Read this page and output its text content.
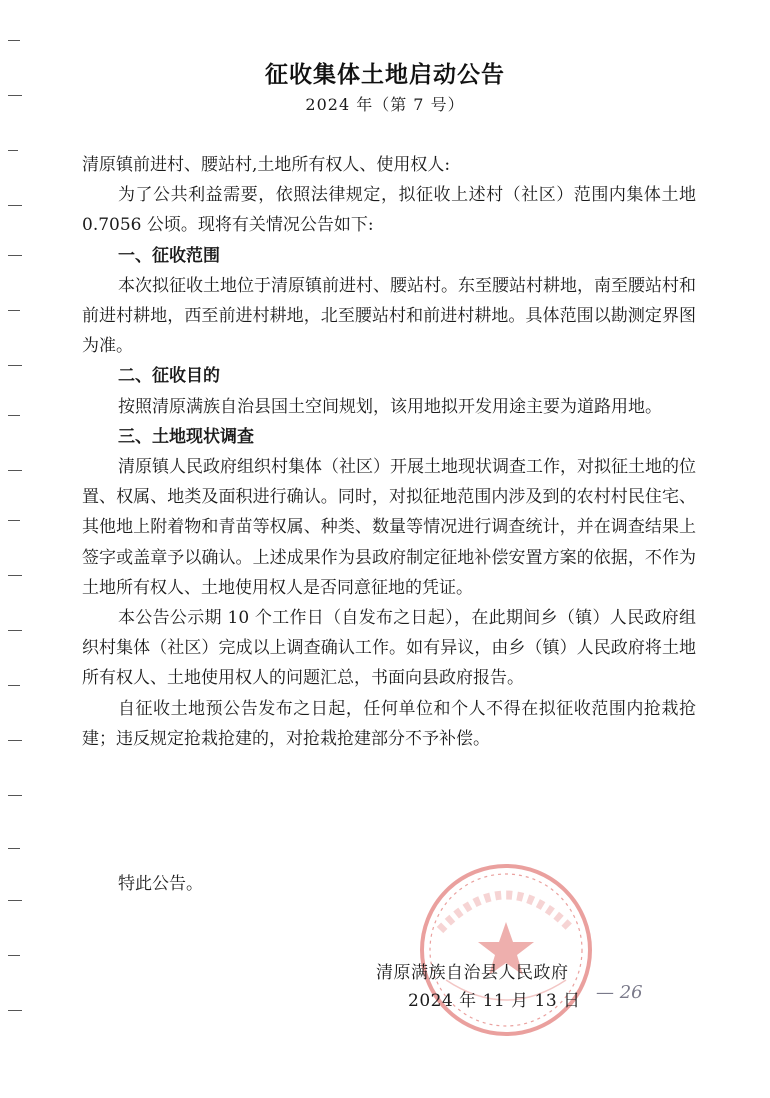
征收集体土地启动公告
2024 年（第 7 号）

清原镇前进村、腰站村,土地所有权人、使用权人:

为了公共利益需要，依照法律规定，拟征收上述村（社区）范围内集体土地 0.7056 公顷。现将有关情况公告如下:

一、征收范围

本次拟征收土地位于清原镇前进村、腰站村。东至腰站村耕地，南至腰站村和前进村耕地，西至前进村耕地，北至腰站村和前进村耕地。具体范围以勘测定界图为准。

二、征收目的

按照清原满族自治县国土空间规划，该用地拟开发用途主要为道路用地。

三、土地现状调查

清原镇人民政府组织村集体（社区）开展土地现状调查工作，对拟征土地的位置、权属、地类及面积进行确认。同时，对拟征地范围内涉及到的农村村民住宅、其他地上附着物和青苗等权属、种类、数量等情况进行调查统计，并在调查结果上签字或盖章予以确认。上述成果作为县政府制定征地补偿安置方案的依据，不作为土地所有权人、土地使用权人是否同意征地的凭证。

本公告公示期 10 个工作日（自发布之日起），在此期间乡（镇）人民政府组织村集体（社区）完成以上调查确认工作。如有异议，由乡（镇）人民政府将土地所有权人、土地使用权人的问题汇总，书面向县政府报告。

自征收土地预公告发布之日起，任何单位和个人不得在拟征收范围内抢栽抢建；违反规定抢栽抢建的，对抢栽抢建部分不予补偿。

特此公告。
清原满族自治县人民政府
2024 年 11 月 13 日 — 26
